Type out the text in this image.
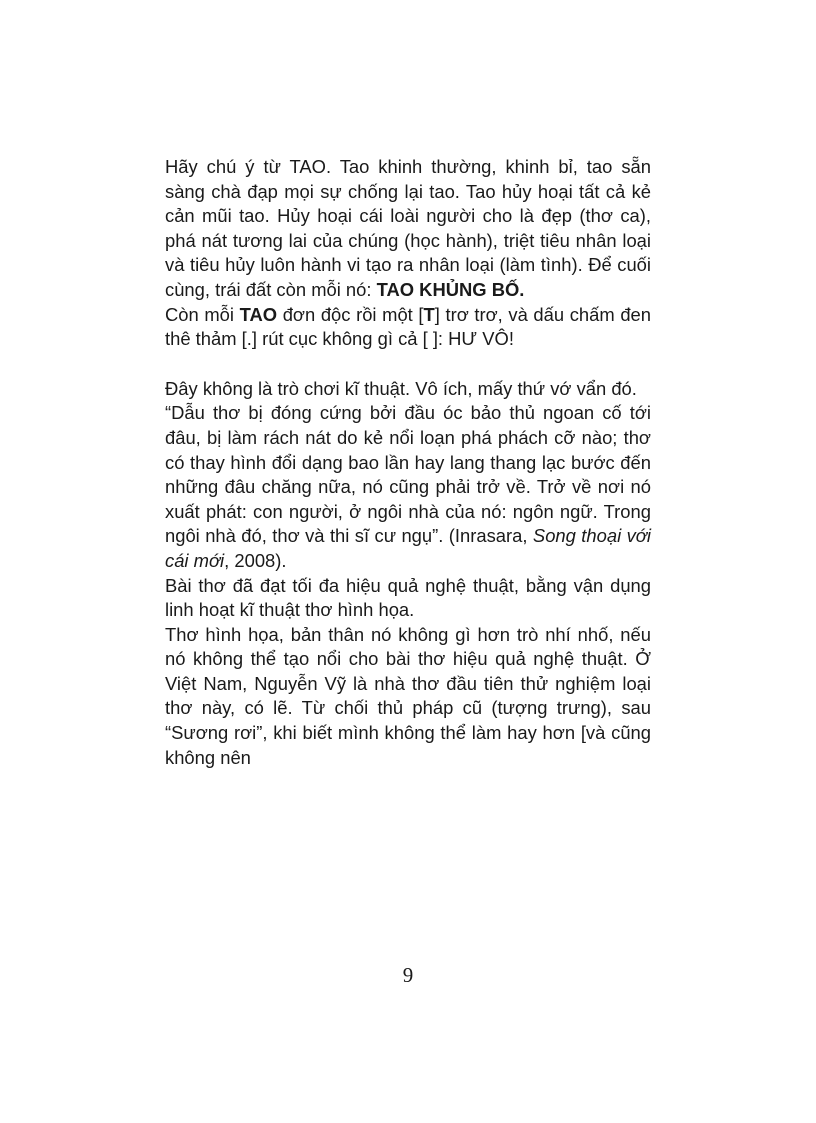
Hãy chú ý từ TAO. Tao khinh thường, khinh bỉ, tao sẵn sàng chà đạp mọi sự chống lại tao. Tao hủy hoại tất cả kẻ cản mũi tao. Hủy hoại cái loài người cho là đẹp (thơ ca), phá nát tương lai của chúng (học hành), triệt tiêu nhân loại và tiêu hủy luôn hành vi tạo ra nhân loại (làm tình). Để cuối cùng, trái đất còn mỗi nó: TAO KHỦNG BỐ.

Còn mỗi TAO đơn độc rồi một [T] trơ trơ, và dấu chấm đen thê thảm [.] rút cục không gì cả [ ]: HƯ VÔ!

Đây không là trò chơi kĩ thuật. Vô ích, mấy thứ vớ vẩn đó.

“Dẫu thơ bị đóng cứng bởi đầu óc bảo thủ ngoan cố tới đâu, bị làm rách nát do kẻ nổi loạn phá phách cỡ nào; thơ có thay hình đổi dạng bao lần hay lang thang lạc bước đến những đâu chăng nữa, nó cũng phải trở về. Trở về nơi nó xuất phát: con người, ở ngôi nhà của nó: ngôn ngữ. Trong ngôi nhà đó, thơ và thi sĩ cư ngụ”. (Inrasara, Song thoại với cái mới, 2008).

Bài thơ đã đạt tối đa hiệu quả nghệ thuật, bằng vận dụng linh hoạt kĩ thuật thơ hình họa.

Thơ hình họa, bản thân nó không gì hơn trò nhí nhố, nếu nó không thể tạo nổi cho bài thơ hiệu quả nghệ thuật. Ở Việt Nam, Nguyễn Vỹ là nhà thơ đầu tiên thử nghiệm loại thơ này, có lẽ. Từ chối thủ pháp cũ (tượng trưng), sau “Sương rơi”, khi biết mình không thể làm hay hơn [và cũng không nên

9
